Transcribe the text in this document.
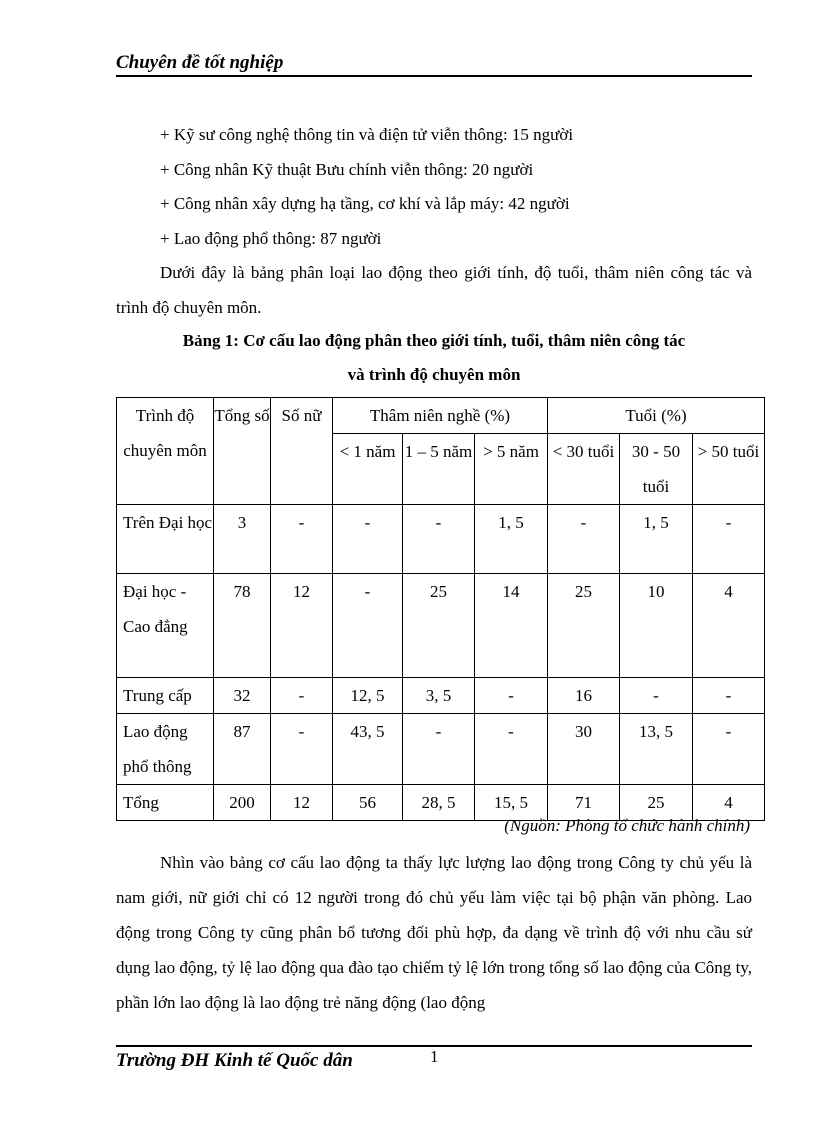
Chuyên đề tốt nghiệp
+ Kỹ sư công nghệ thông tin và điện tử viễn thông: 15 người
+ Công nhân Kỹ thuật Bưu chính viễn thông: 20 người
+ Công nhân xây dựng hạ tầng, cơ khí và lắp máy: 42 người
+ Lao động phổ thông: 87 người
Dưới đây là bảng phân loại lao động theo giới tính, độ tuổi, thâm niên công tác và trình độ chuyên môn.
Bảng 1: Cơ cấu lao động phân theo giới tính, tuổi, thâm niên công tác
và trình độ chuyên môn
Trình độ chuyên môn	Tổng số	Số nữ	Thâm niên nghề (%)			Tuổi (%)		
			< 1 năm	1 – 5 năm	> 5 năm	< 30 tuổi	30 - 50 tuổi	> 50 tuổi
Trên Đại học	3	-	-	-	1, 5	-	1, 5	-
Đại học - Cao đẳng	78	12	-	25	14	25	10	4
Trung cấp	32	-	12, 5	3, 5	-	16	-	-
Lao động phổ thông	87	-	43, 5	-	-	30	13, 5	-
Tổng	200	12	56	28, 5	15, 5	71	25	4
(Nguồn: Phòng tổ chức hành chính)
Nhìn vào bảng cơ cấu lao động ta thấy lực lượng lao động trong Công ty chủ yếu là nam giới, nữ giới chỉ có 12 người trong đó chủ yếu làm việc tại bộ phận văn phòng. Lao động trong Công ty cũng phân bổ tương đối phù hợp, đa dạng về trình độ với nhu cầu sử dụng lao động, tỷ lệ lao động qua đào tạo chiếm tỷ lệ lớn trong tổng số lao động của Công ty, phần lớn lao động là lao động trẻ năng động (lao động
Trường ĐH Kinh tế Quốc dân	1
